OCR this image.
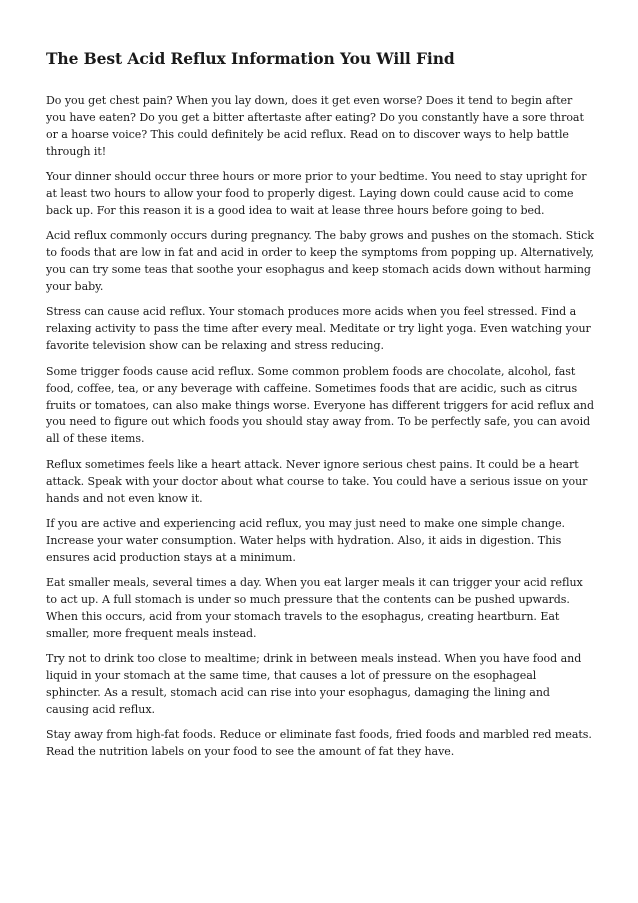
The Best Acid Reflux Information You Will Find

Do you get chest pain? When you lay down, does it get even worse? Does it tend to begin after you have eaten? Do you get a bitter aftertaste after eating? Do you constantly have a sore throat or a hoarse voice? This could definitely be acid reflux. Read on to discover ways to help battle through it!

Your dinner should occur three hours or more prior to your bedtime. You need to stay upright for at least two hours to allow your food to properly digest. Laying down could cause acid to come back up. For this reason it is a good idea to wait at lease three hours before going to bed.

Acid reflux commonly occurs during pregnancy. The baby grows and pushes on the stomach. Stick to foods that are low in fat and acid in order to keep the symptoms from popping up. Alternatively, you can try some teas that soothe your esophagus and keep stomach acids down without harming your baby.

Stress can cause acid reflux. Your stomach produces more acids when you feel stressed. Find a relaxing activity to pass the time after every meal. Meditate or try light yoga. Even watching your favorite television show can be relaxing and stress reducing.

Some trigger foods cause acid reflux. Some common problem foods are chocolate, alcohol, fast food, coffee, tea, or any beverage with caffeine. Sometimes foods that are acidic, such as citrus fruits or tomatoes, can also make things worse. Everyone has different triggers for acid reflux and you need to figure out which foods you should stay away from. To be perfectly safe, you can avoid all of these items.

Reflux sometimes feels like a heart attack. Never ignore serious chest pains. It could be a heart attack. Speak with your doctor about what course to take. You could have a serious issue on your hands and not even know it.

If you are active and experiencing acid reflux, you may just need to make one simple change. Increase your water consumption. Water helps with hydration. Also, it aids in digestion. This ensures acid production stays at a minimum.

Eat smaller meals, several times a day. When you eat larger meals it can trigger your acid reflux to act up. A full stomach is under so much pressure that the contents can be pushed upwards. When this occurs, acid from your stomach travels to the esophagus, creating heartburn. Eat smaller, more frequent meals instead.

Try not to drink too close to mealtime; drink in between meals instead. When you have food and liquid in your stomach at the same time, that causes a lot of pressure on the esophageal sphincter. As a result, stomach acid can rise into your esophagus, damaging the lining and causing acid reflux.

Stay away from high-fat foods. Reduce or eliminate fast foods, fried foods and marbled red meats. Read the nutrition labels on your food to see the amount of fat they have.
